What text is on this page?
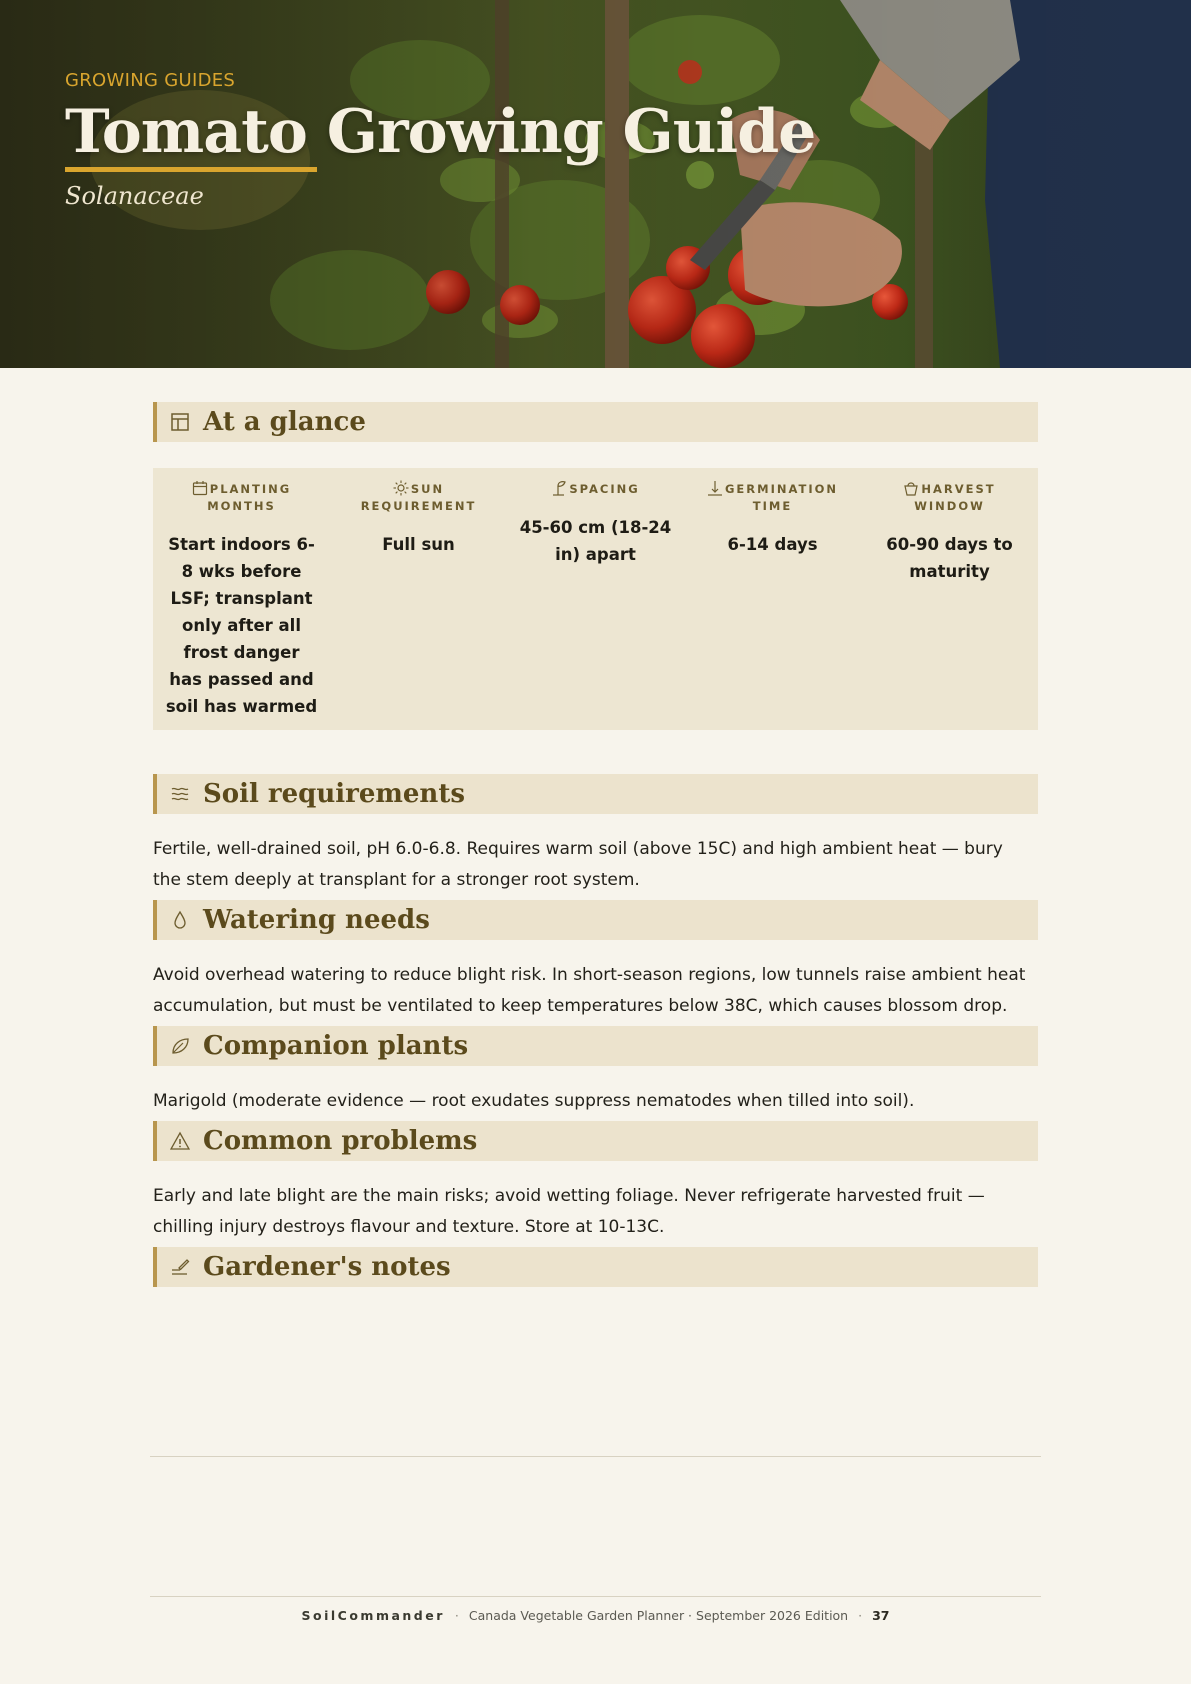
GROWING GUIDES
Tomato Growing Guide
Solanaceae
At a glance
PLANTING MONTHS
Start indoors 6-8 wks before LSF; transplant only after all frost danger has passed and soil has warmed
SUN REQUIREMENT
Full sun
SPACING
45-60 cm (18-24 in) apart
GERMINATION TIME
6-14 days
HARVEST WINDOW
60-90 days to maturity
Soil requirements

Fertile, well-drained soil, pH 6.0-6.8. Requires warm soil (above 15C) and high ambient heat — bury the stem deeply at transplant for a stronger root system.

Watering needs

Avoid overhead watering to reduce blight risk. In short-season regions, low tunnels raise ambient heat accumulation, but must be ventilated to keep temperatures below 38C, which causes blossom drop.

Companion plants

Marigold (moderate evidence — root exudates suppress nematodes when tilled into soil).

Common problems

Early and late blight are the main risks; avoid wetting foliage. Never refrigerate harvested fruit — chilling injury destroys flavour and texture. Store at 10-13C.

Gardener's notes
SoilCommander · Canada Vegetable Garden Planner · September 2026 Edition · 37
